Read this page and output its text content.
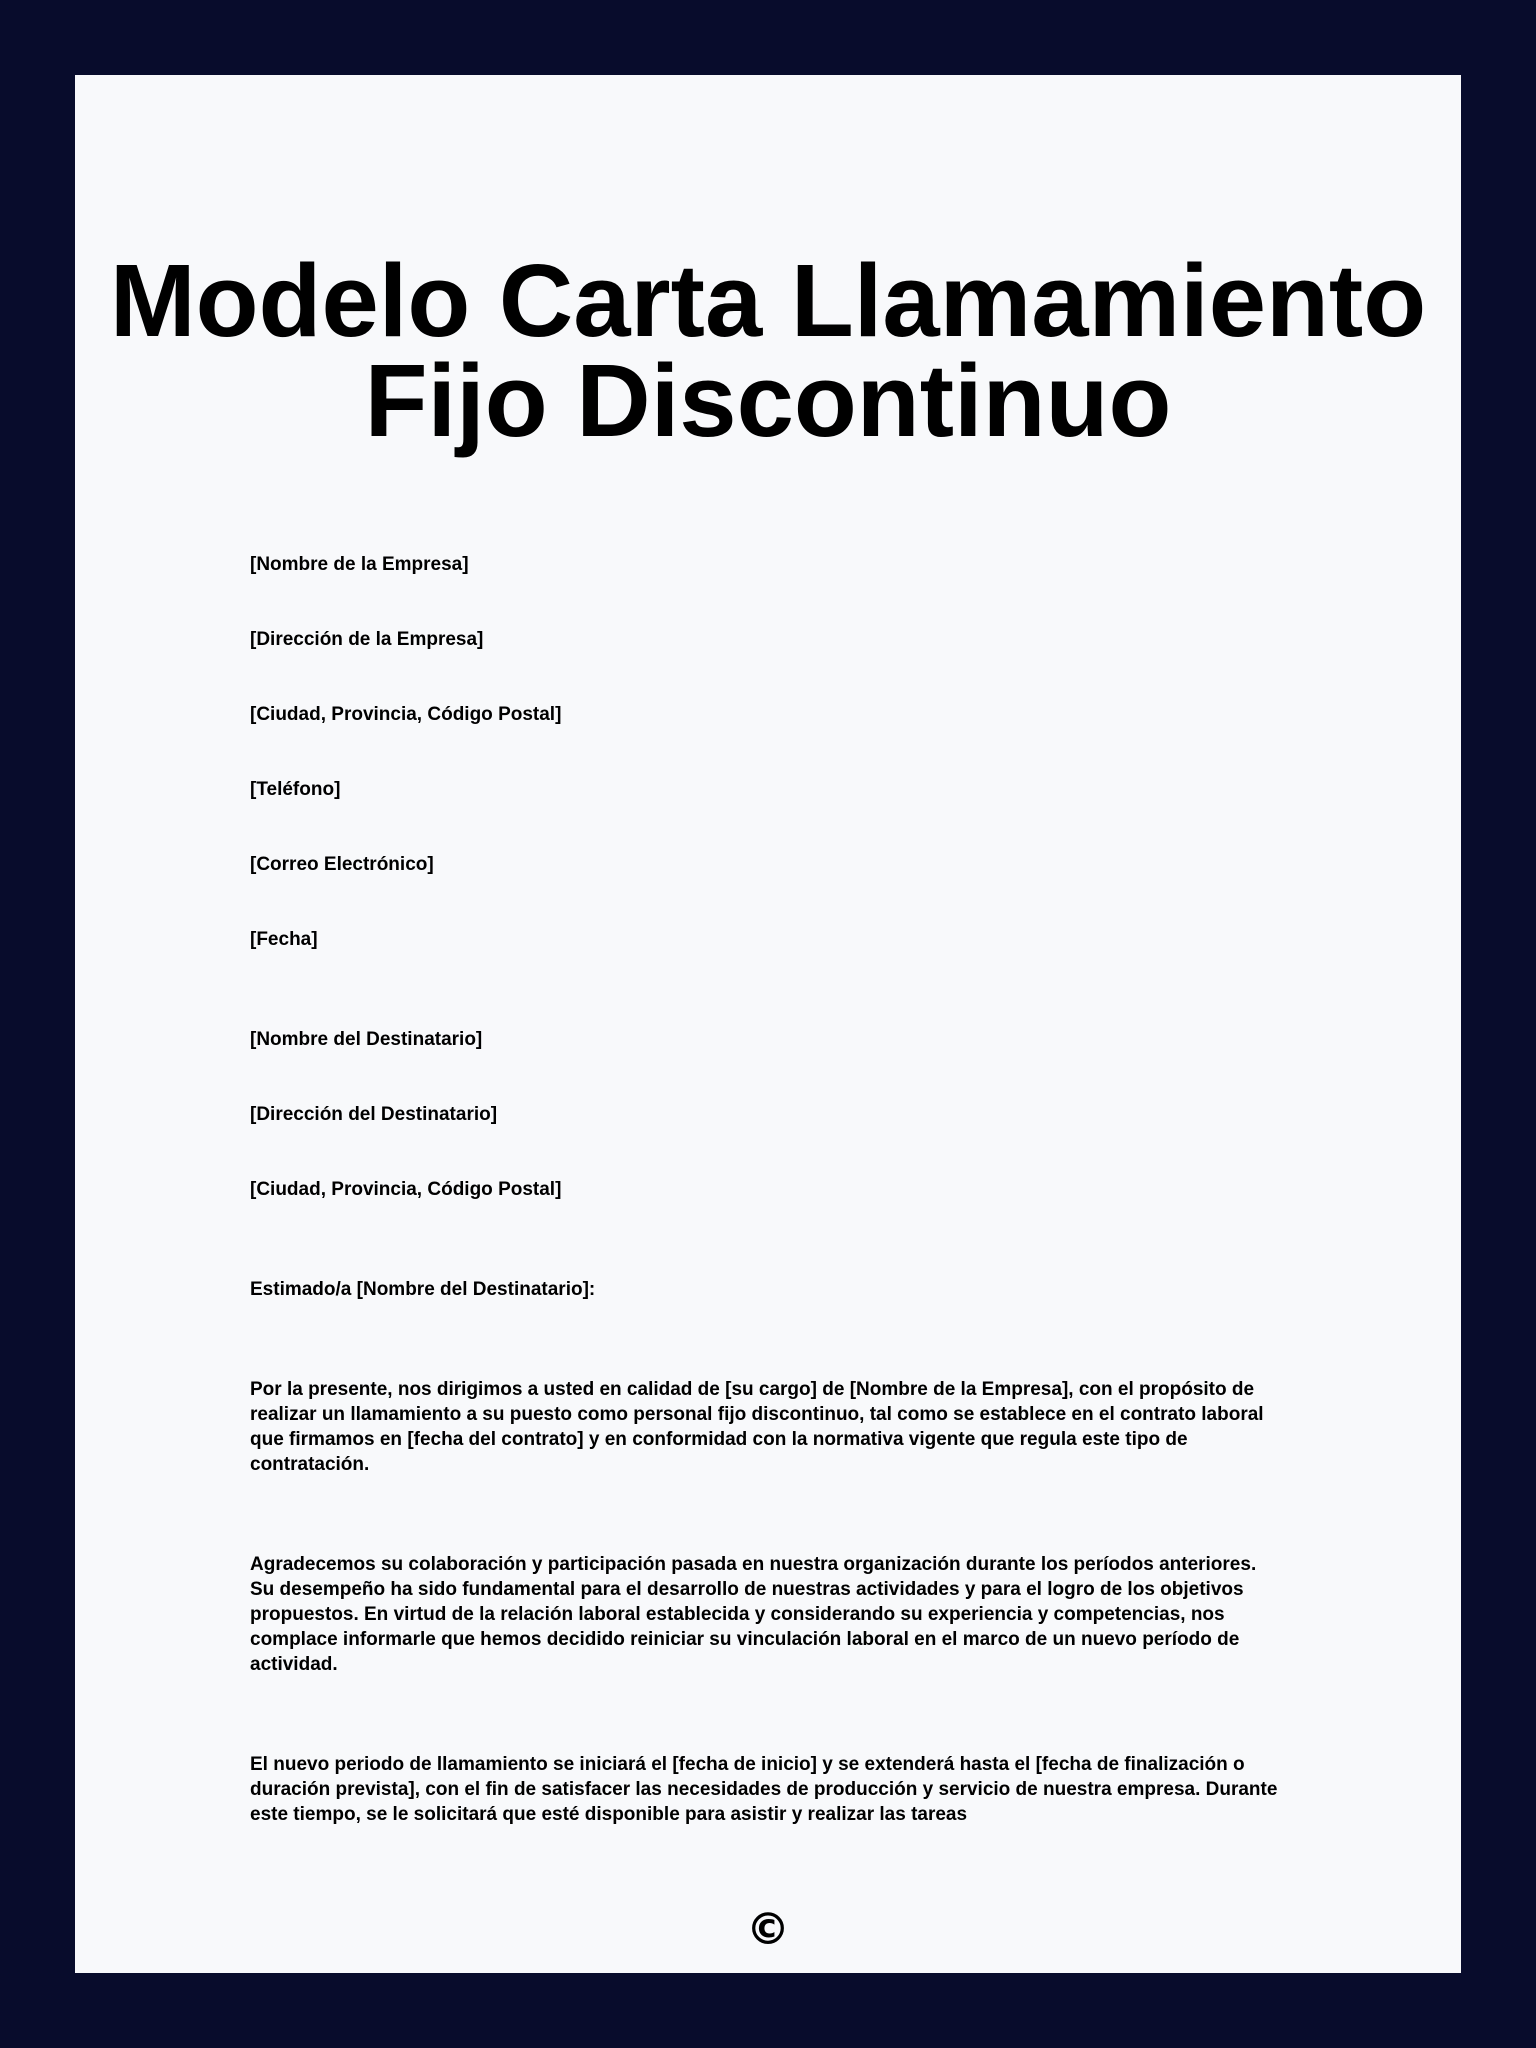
Modelo Carta Llamamiento
Fijo Discontinuo

[Nombre de la Empresa]

[Dirección de la Empresa]

[Ciudad, Provincia, Código Postal]

[Teléfono]

[Correo Electrónico]

[Fecha]

[Nombre del Destinatario]

[Dirección del Destinatario]

[Ciudad, Provincia, Código Postal]

Estimado/a [Nombre del Destinatario]:

Por la presente, nos dirigimos a usted en calidad de [su cargo] de [Nombre de la Empresa], con el propósito de realizar un llamamiento a su puesto como personal fijo discontinuo, tal como se establece en el contrato laboral que firmamos en [fecha del contrato] y en conformidad con la normativa vigente que regula este tipo de contratación.

Agradecemos su colaboración y participación pasada en nuestra organización durante los períodos anteriores. Su desempeño ha sido fundamental para el desarrollo de nuestras actividades y para el logro de los objetivos propuestos. En virtud de la relación laboral establecida y considerando su experiencia y competencias, nos complace informarle que hemos decidido reiniciar su vinculación laboral en el marco de un nuevo período de actividad.

El nuevo periodo de llamamiento se iniciará el [fecha de inicio] y se extenderá hasta el [fecha de finalización o duración prevista], con el fin de satisfacer las necesidades de producción y servicio de nuestra empresa. Durante este tiempo, se le solicitará que esté disponible para asistir y realizar las tareas

©
